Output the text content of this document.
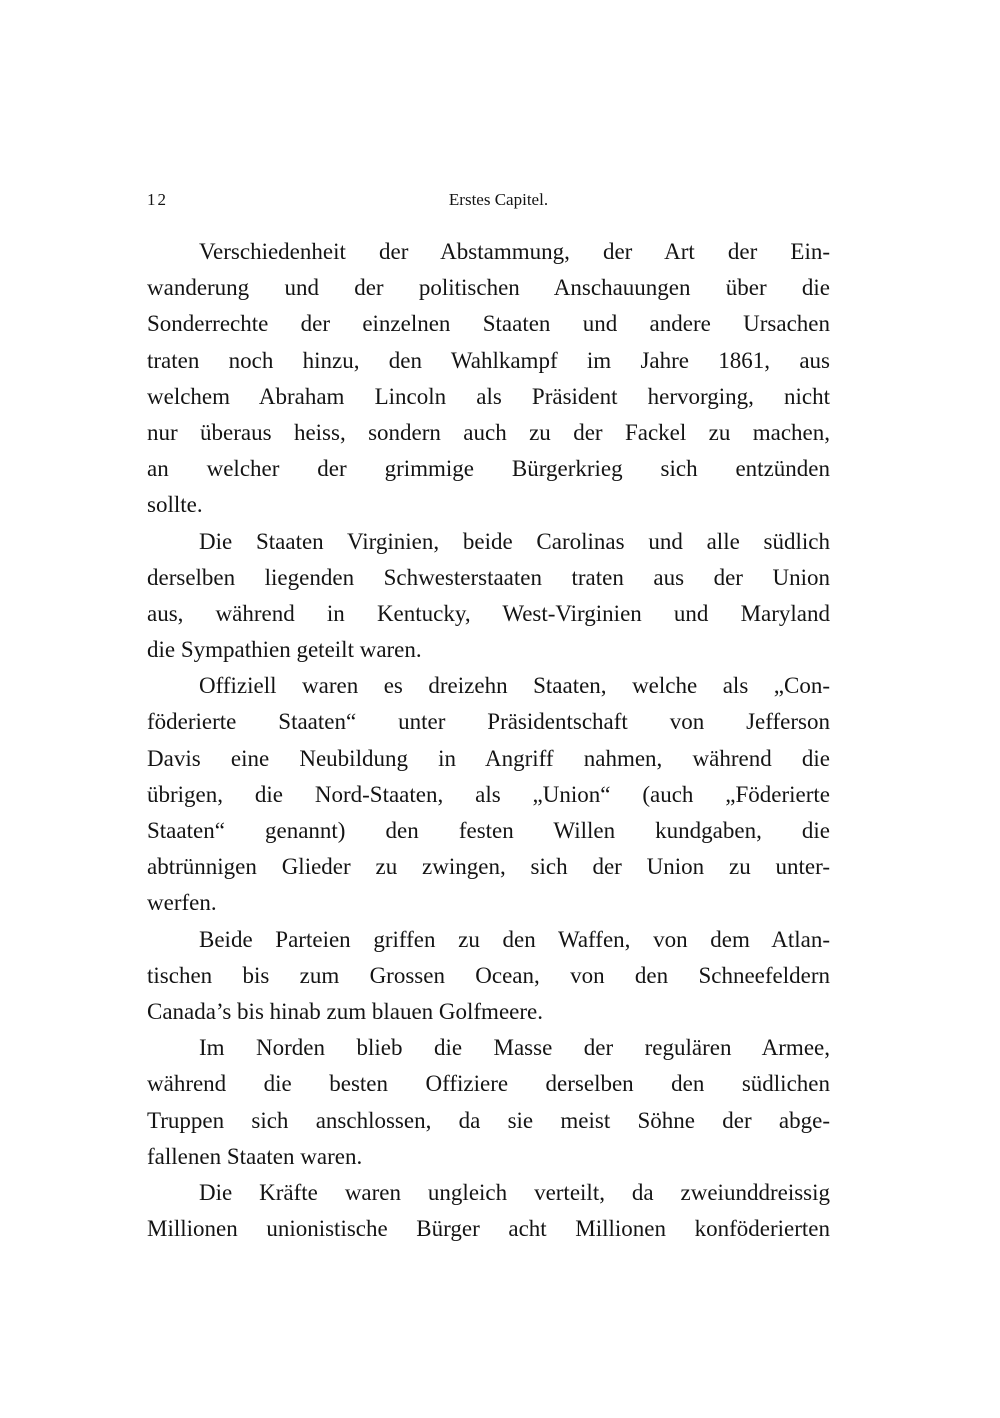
12	Erstes Capitel.
Verschiedenheit der Abstammung, der Art der Ein-
wanderung und der politischen Anschauungen über die
Sonderrechte der einzelnen Staaten und andere Ursachen
traten noch hinzu, den Wahlkampf im Jahre 1861, aus
welchem Abraham Lincoln als Präsident hervorging, nicht
nur überaus heiss, sondern auch zu der Fackel zu machen,
an welcher der grimmige Bürgerkrieg sich entzünden
sollte.
Die Staaten Virginien, beide Carolinas und alle südlich
derselben liegenden Schwesterstaaten traten aus der Union
aus, während in Kentucky, West-Virginien und Maryland
die Sympathien geteilt waren.
Offiziell waren es dreizehn Staaten, welche als „Con-
föderierte Staaten“ unter Präsidentschaft von Jefferson
Davis eine Neubildung in Angriff nahmen, während die
übrigen, die Nord-Staaten, als „Union“ (auch „Föderierte
Staaten“ genannt) den festen Willen kundgaben, die
abtrünnigen Glieder zu zwingen, sich der Union zu unter-
werfen.
Beide Parteien griffen zu den Waffen, von dem Atlan-
tischen bis zum Grossen Ocean, von den Schneefeldern
Canada’s bis hinab zum blauen Golfmeere.
Im Norden blieb die Masse der regulären Armee,
während die besten Offiziere derselben den südlichen
Truppen sich anschlossen, da sie meist Söhne der abge-
fallenen Staaten waren.
Die Kräfte waren ungleich verteilt, da zweiunddreissig
Millionen unionistische Bürger acht Millionen konföderierten
